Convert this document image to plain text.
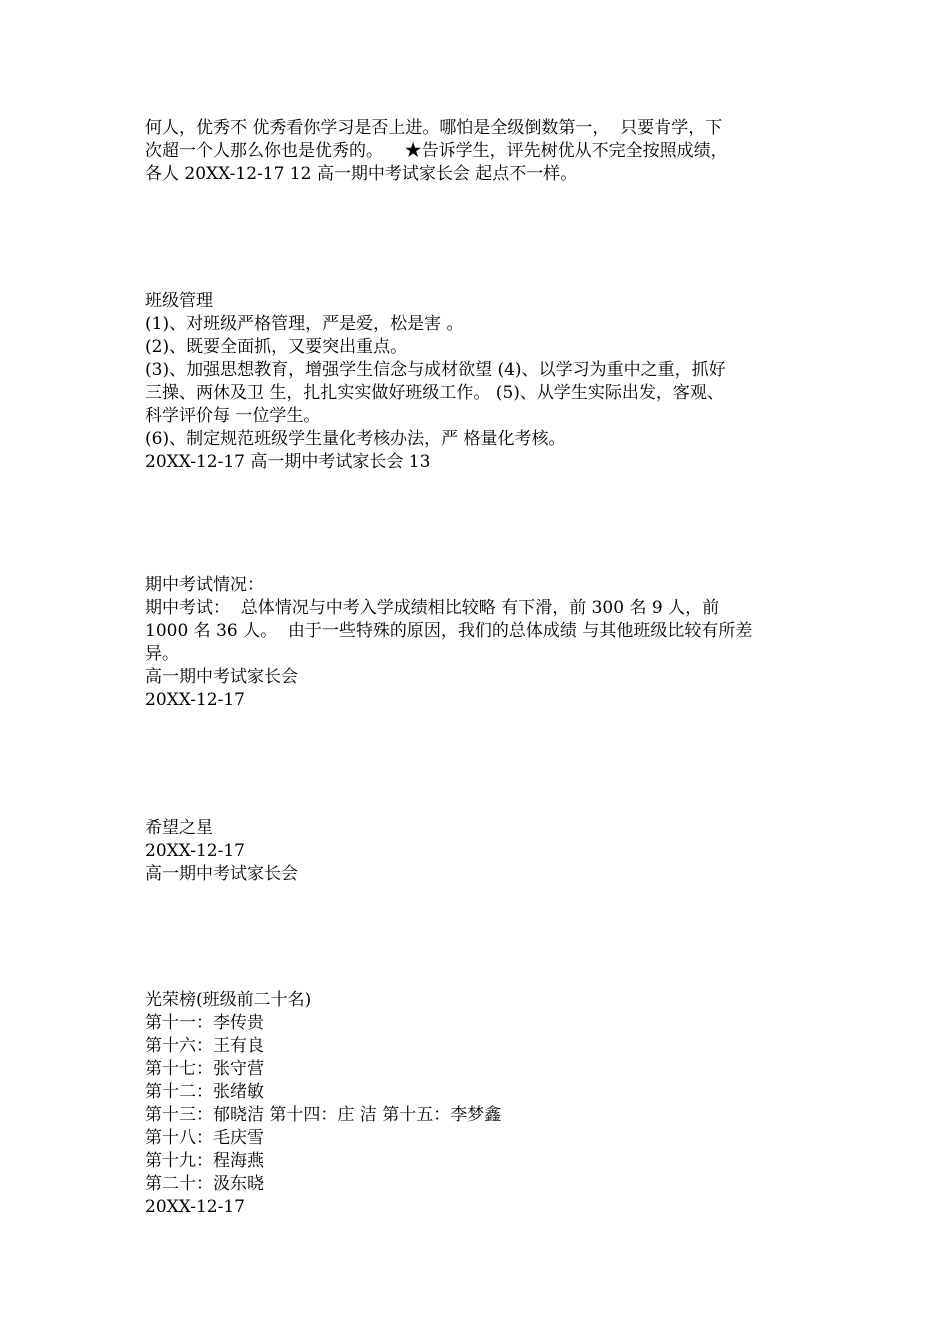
何人，优秀不 优秀看你学习是否上进。哪怕是全级倒数第一，  只要肯学，下
次超一个人那么你也是优秀的。    ★告诉学生，评先树优从不完全按照成绩，
各人 20XX-12-17 12 高一期中考试家长会 起点不一样。
班级管理
(1)、对班级严格管理，严是爱，松是害 。
(2)、既要全面抓，又要突出重点。
(3)、加强思想教育，增强学生信念与成材欲望 (4)、以学习为重中之重，抓好
三操、两休及卫 生，扎扎实实做好班级工作。 (5)、从学生实际出发，客观、
科学评价每 一位学生。
(6)、制定规范班级学生量化考核办法，严 格量化考核。
20XX-12-17 高一期中考试家长会 13
期中考试情况：
期中考试：  总体情况与中考入学成绩相比较略 有下滑，前 300 名 9 人，前
1000 名 36 人。  由于一些特殊的原因，我们的总体成绩 与其他班级比较有所差
异。
高一期中考试家长会
20XX-12-17
希望之星
20XX-12-17
高一期中考试家长会
光荣榜(班级前二十名)
第十一：李传贵
第十六：王有良
第十七：张守营
第十二：张绪敏
第十三：郁晓洁 第十四：庄 洁 第十五：李梦鑫
第十八：毛庆雪
第十九：程海燕
第二十：汲东晓
20XX-12-17
